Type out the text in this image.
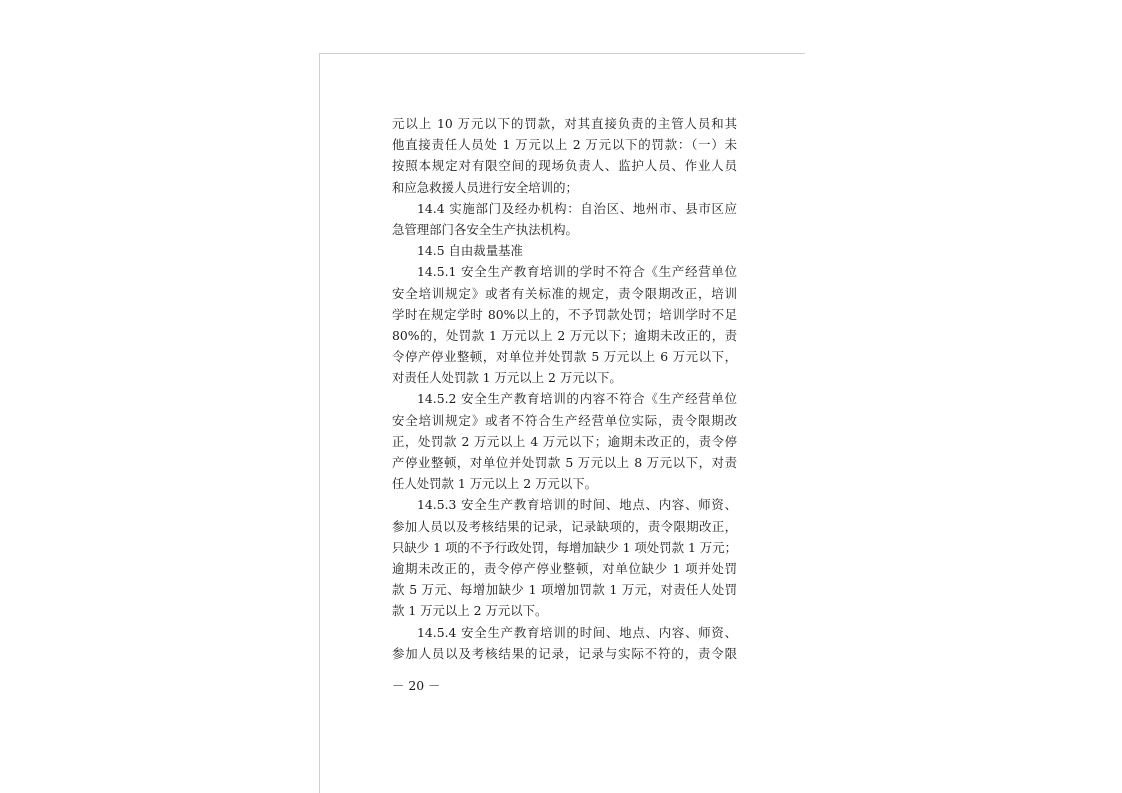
元以上 10 万元以下的罚款，对其直接负责的主管人员和其
他直接责任人员处 1 万元以上 2 万元以下的罚款：（一）未
按照本规定对有限空间的现场负责人、监护人员、作业人员
和应急救援人员进行安全培训的；
14.4 实施部门及经办机构：自治区、地州市、县市区应
急管理部门各安全生产执法机构。
14.5 自由裁量基准
14.5.1 安全生产教育培训的学时不符合《生产经营单位
安全培训规定》或者有关标准的规定，责令限期改正，培训
学时在规定学时 80%以上的，不予罚款处罚；培训学时不足
80%的，处罚款 1 万元以上 2 万元以下；逾期未改正的，责
令停产停业整顿，对单位并处罚款 5 万元以上 6 万元以下，
对责任人处罚款 1 万元以上 2 万元以下。
14.5.2 安全生产教育培训的内容不符合《生产经营单位
安全培训规定》或者不符合生产经营单位实际，责令限期改
正，处罚款 2 万元以上 4 万元以下；逾期未改正的，责令停
产停业整顿，对单位并处罚款 5 万元以上 8 万元以下，对责
任人处罚款 1 万元以上 2 万元以下。
14.5.3 安全生产教育培训的时间、地点、内容、师资、
参加人员以及考核结果的记录，记录缺项的，责令限期改正，
只缺少 1 项的不予行政处罚，每增加缺少 1 项处罚款 1 万元；
逾期未改正的，责令停产停业整顿，对单位缺少 1 项并处罚
款 5 万元、每增加缺少 1 项增加罚款 1 万元，对责任人处罚
款 1 万元以上 2 万元以下。
14.5.4 安全生产教育培训的时间、地点、内容、师资、
参加人员以及考核结果的记录，记录与实际不符的，责令限
－ 20 －
